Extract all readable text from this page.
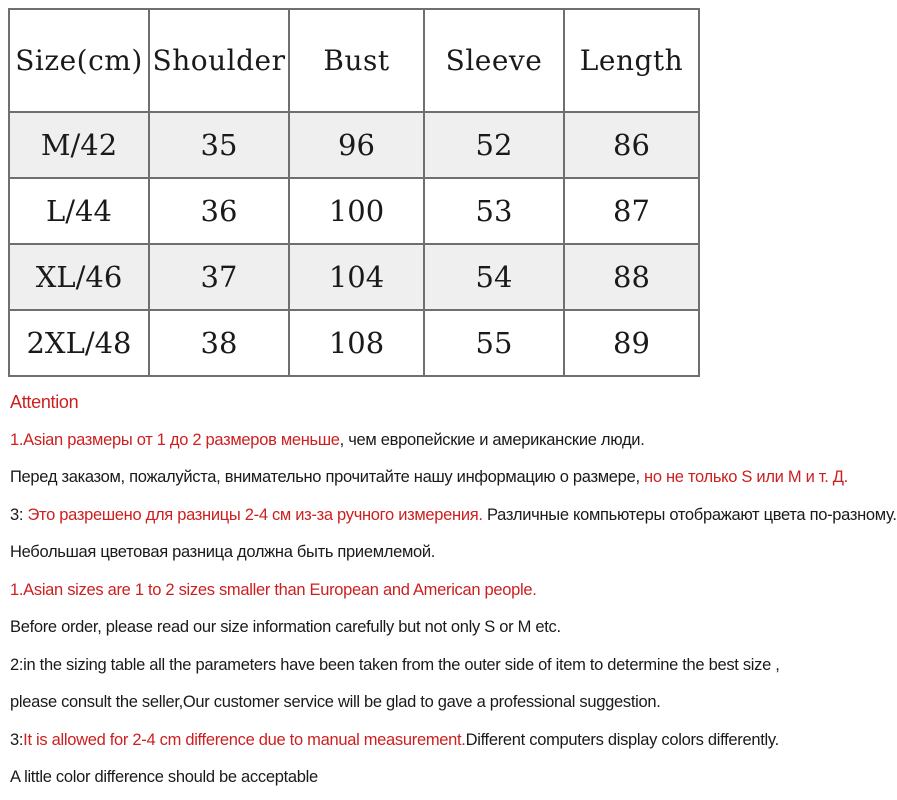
Size(cm)	Shoulder	Bust	Sleeve	Length
M/42	35	96	52	86
L/44	36	100	53	87
XL/46	37	104	54	88
2XL/48	38	108	55	89
Attention
1.Asian размеры от 1 до 2 размеров меньше, чем европейские и американские люди.
Перед заказом, пожалуйста, внимательно прочитайте нашу информацию о размере, но не только S или M и т. Д.
3: Это разрешено для разницы 2-4 см из-за ручного измерения. Различные компьютеры отображают цвета по-разному.
Небольшая цветовая разница должна быть приемлемой.
1.Asian sizes are 1 to 2 sizes smaller than European and American people.
Before order, please read our size information carefully but not only S or M etc.
2:in the sizing table all the parameters have been taken from the outer side of item to determine the best size ,
please consult the seller,Our customer service will be glad to gave a professional suggestion.
3:It is allowed for 2-4 cm difference due to manual measurement.Different computers display colors differently.
A little color difference should be acceptable
